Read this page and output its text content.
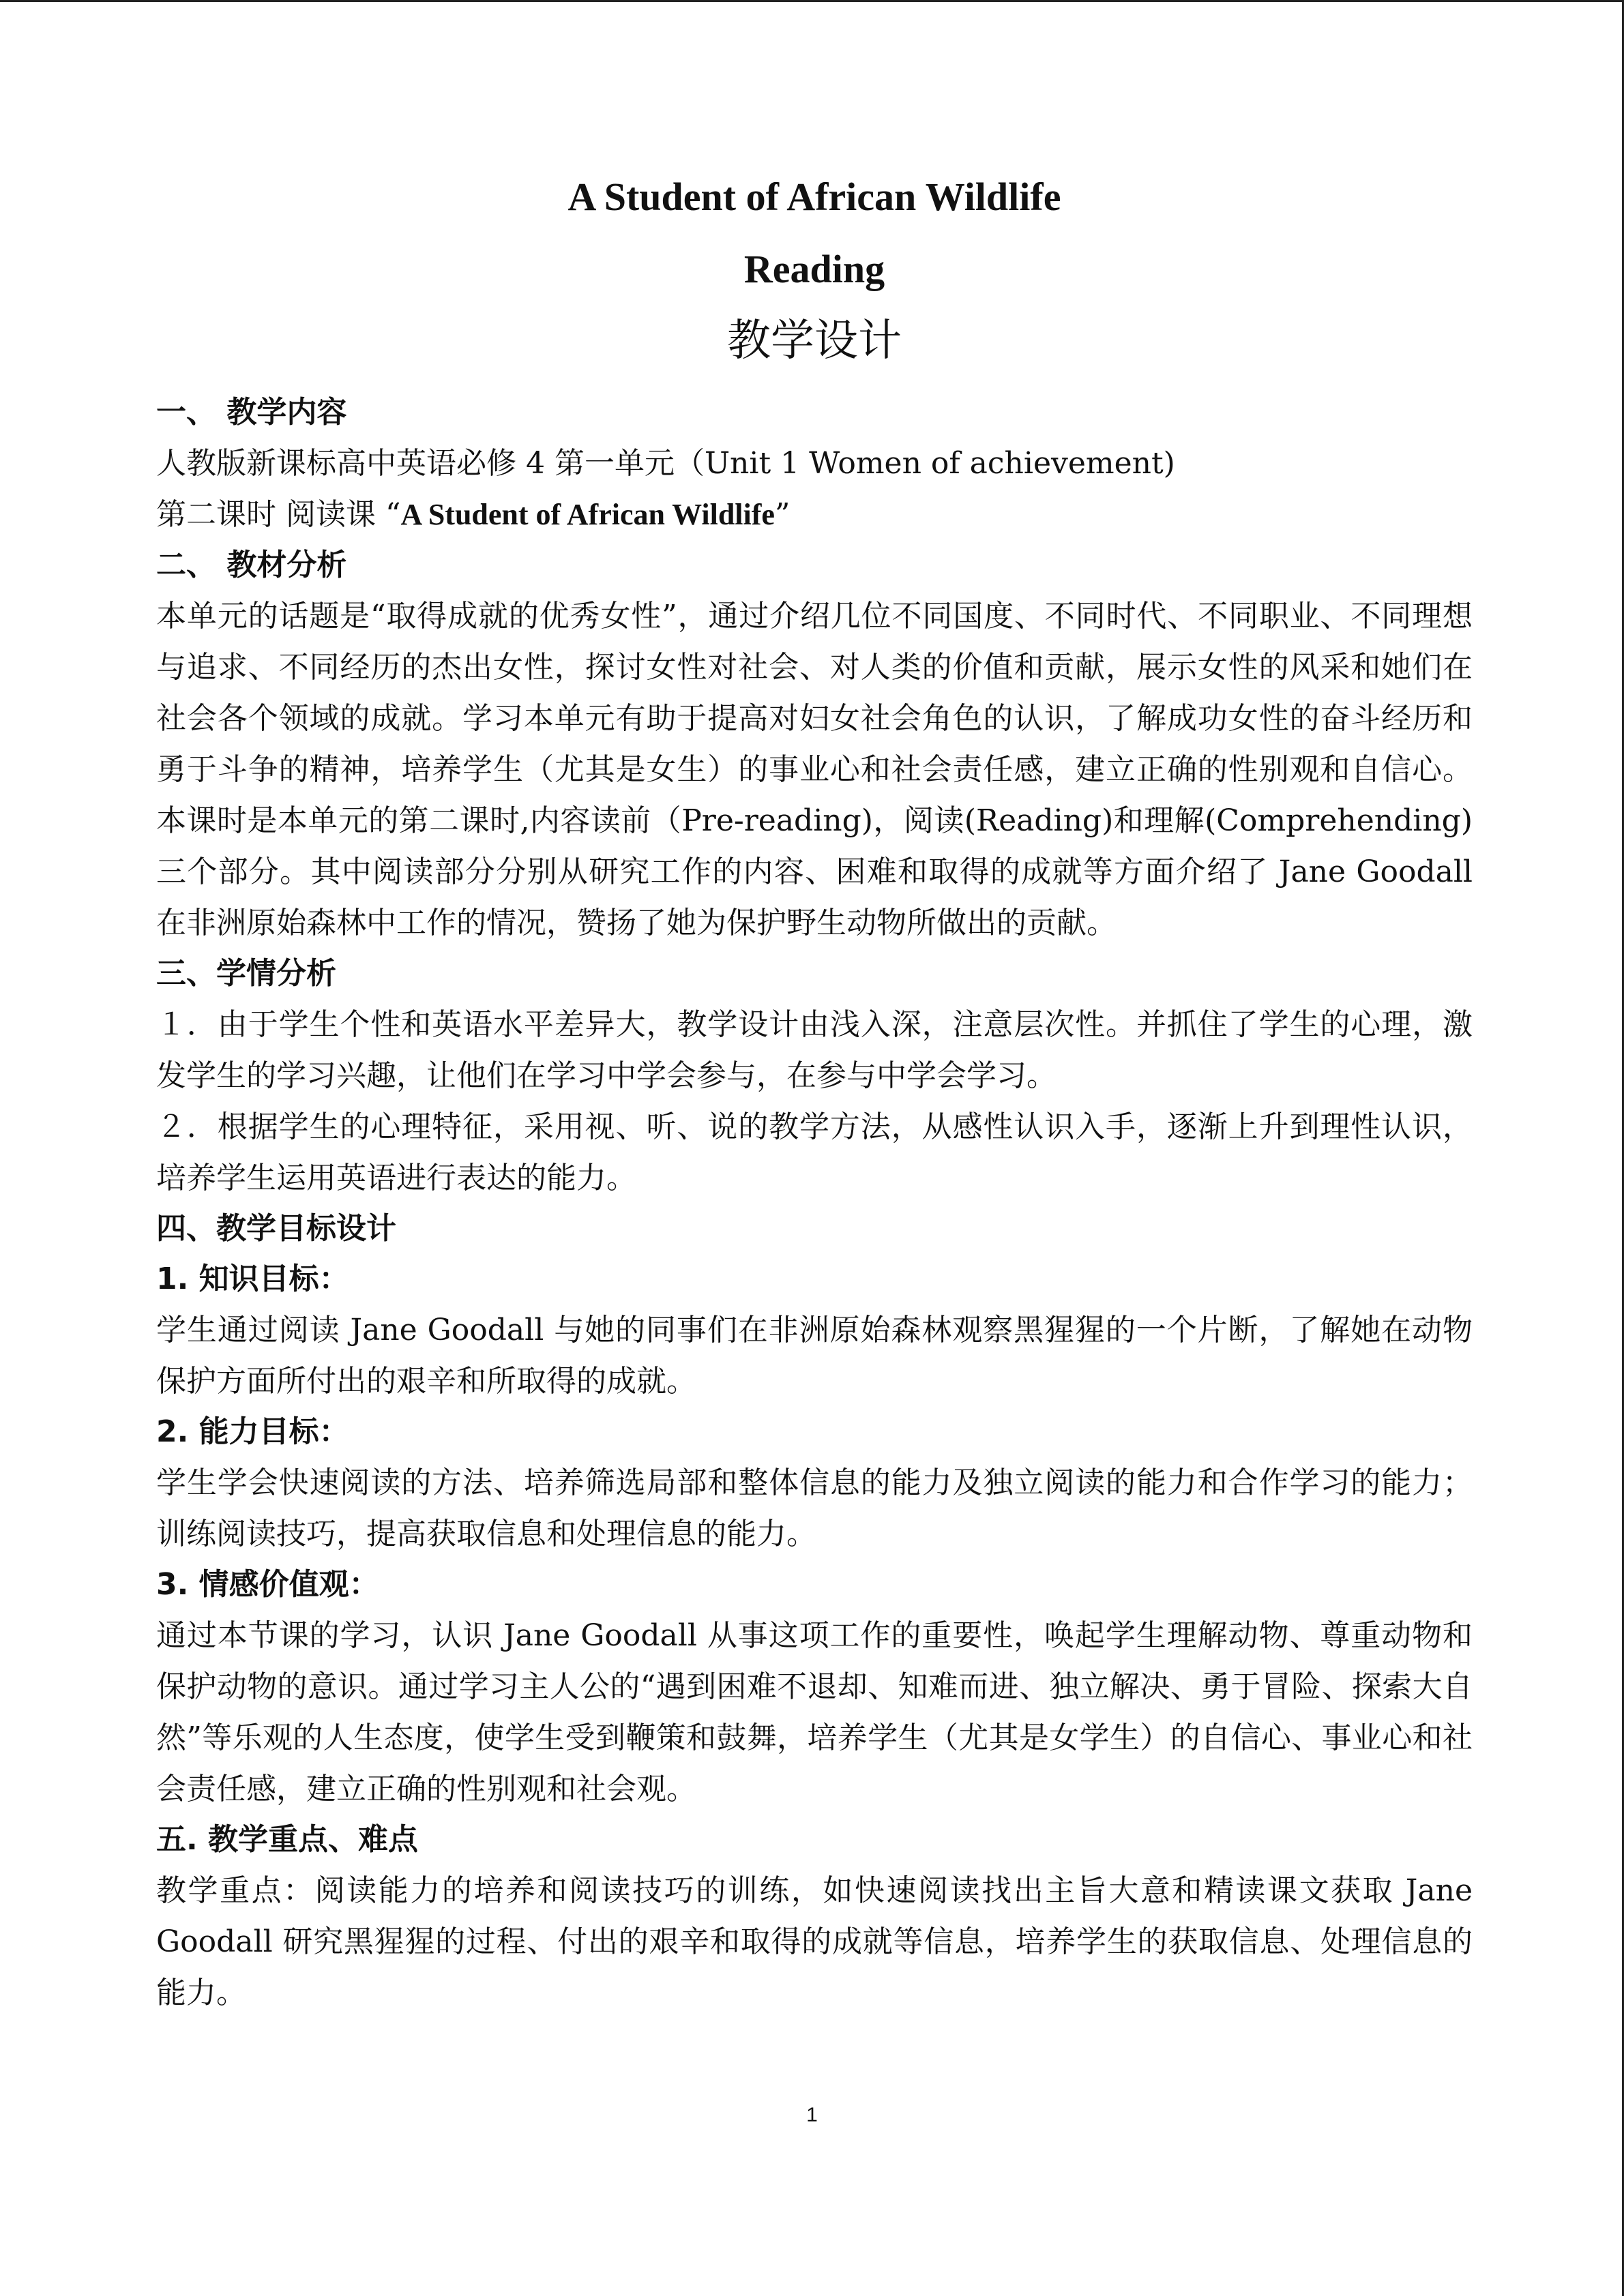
A Student of African Wildlife
Reading
教学设计

一、 教学内容

人教版新课标高中英语必修 4 第一单元（Unit 1 Women of achievement)

第二课时 阅读课 “A Student of African Wildlife”

二、 教材分析

本单元的话题是“取得成就的优秀女性”，通过介绍几位不同国度、不同时代、不同职业、不同理想与追求、不同经历的杰出女性，探讨女性对社会、对人类的价值和贡献，展示女性的风采和她们在社会各个领域的成就。学习本单元有助于提高对妇女社会角色的认识，了解成功女性的奋斗经历和勇于斗争的精神，培养学生（尤其是女生）的事业心和社会责任感，建立正确的性别观和自信心。本课时是本单元的第二课时,内容读前（Pre-reading)，阅读(Reading)和理解(Comprehending) 三个部分。其中阅读部分分别从研究工作的内容、困难和取得的成就等方面介绍了 Jane Goodall 在非洲原始森林中工作的情况，赞扬了她为保护野生动物所做出的贡献。

三、学情分析

１．由于学生个性和英语水平差异大，教学设计由浅入深，注意层次性。并抓住了学生的心理，激发学生的学习兴趣，让他们在学习中学会参与，在参与中学会学习。

２．根据学生的心理特征，采用视、听、说的教学方法，从感性认识入手，逐渐上升到理性认识，培养学生运用英语进行表达的能力。

四、教学目标设计

1. 知识目标：

学生通过阅读 Jane Goodall 与她的同事们在非洲原始森林观察黑猩猩的一个片断，了解她在动物保护方面所付出的艰辛和所取得的成就。

2. 能力目标：

学生学会快速阅读的方法、培养筛选局部和整体信息的能力及独立阅读的能力和合作学习的能力；训练阅读技巧，提高获取信息和处理信息的能力。

3. 情感价值观：

通过本节课的学习，认识 Jane Goodall 从事这项工作的重要性，唤起学生理解动物、尊重动物和保护动物的意识。通过学习主人公的“遇到困难不退却、知难而进、独立解决、勇于冒险、探索大自然”等乐观的人生态度，使学生受到鞭策和鼓舞，培养学生（尤其是女学生）的自信心、事业心和社会责任感，建立正确的性别观和社会观。

五. 教学重点、难点

教学重点：阅读能力的培养和阅读技巧的训练，如快速阅读找出主旨大意和精读课文获取 Jane Goodall 研究黑猩猩的过程、付出的艰辛和取得的成就等信息，培养学生的获取信息、处理信息的能力。

1
